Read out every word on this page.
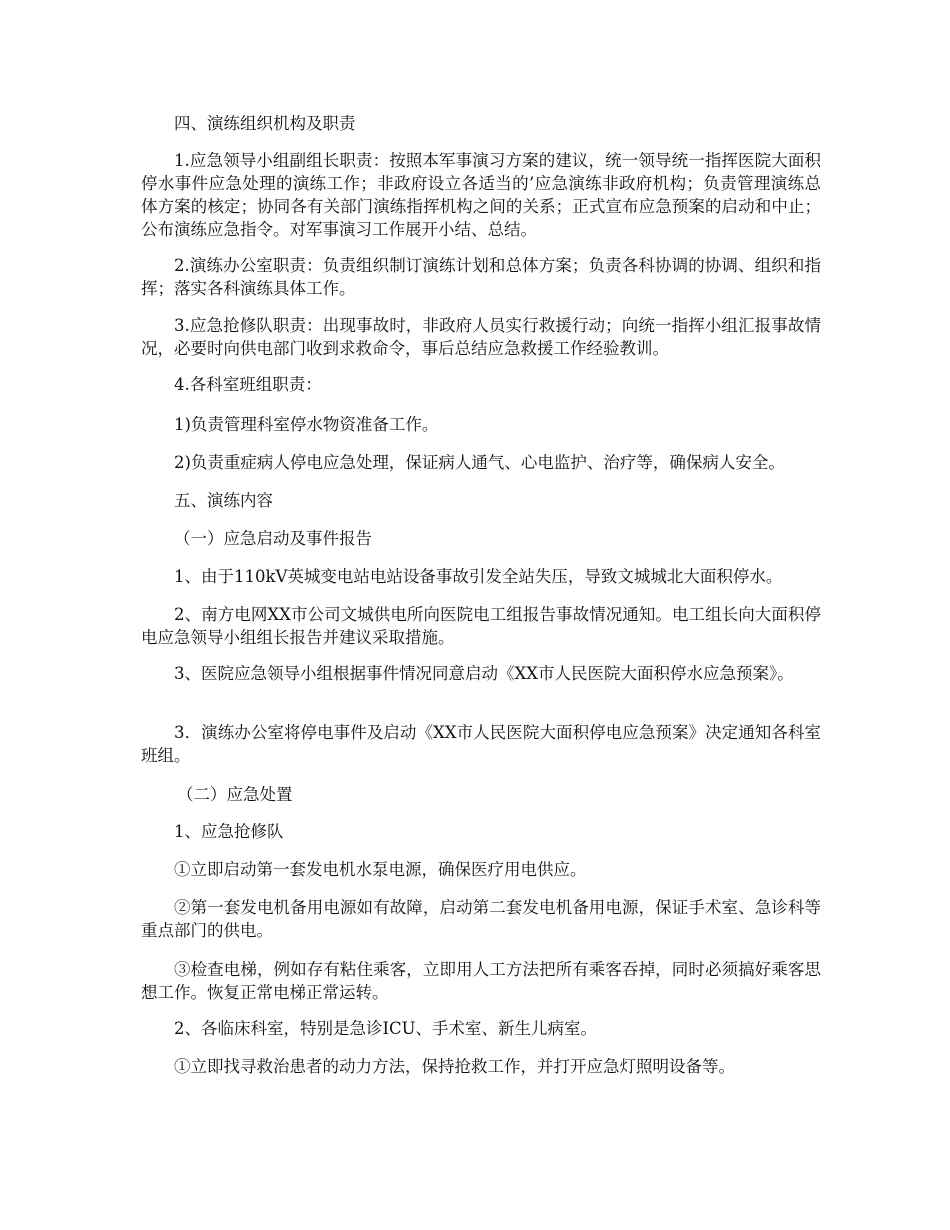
四、演练组织机构及职责

1.应急领导小组副组长职责：按照本军事演习方案的建议，统一领导统一指挥医院大面积停水事件应急处理的演练工作；非政府设立各适当的’应急演练非政府机构；负责管理演练总体方案的核定；协同各有关部门演练指挥机构之间的关系；正式宣布应急预案的启动和中止；公布演练应急指令。对军事演习工作展开小结、总结。

2.演练办公室职责：负责组织制订演练计划和总体方案；负责各科协调的协调、组织和指挥；落实各科演练具体工作。

3.应急抢修队职责：出现事故时，非政府人员实行救援行动；向统一指挥小组汇报事故情况，必要时向供电部门收到求救命令，事后总结应急救援工作经验教训。

4.各科室班组职责：

1)负责管理科室停水物资准备工作。

2)负责重症病人停电应急处理，保证病人通气、心电监护、治疗等，确保病人安全。

五、演练内容

（一）应急启动及事件报告

1、由于110kV英城变电站电站设备事故引发全站失压，导致文城城北大面积停水。

2、南方电网XX市公司文城供电所向医院电工组报告事故情况通知。电工组长向大面积停电应急领导小组组长报告并建议采取措施。

3、医院应急领导小组根据事件情况同意启动《XX市人民医院大面积停水应急预案》。

3．演练办公室将停电事件及启动《XX市人民医院大面积停电应急预案》决定通知各科室班组。

（二）应急处置

1、应急抢修队

①立即启动第一套发电机水泵电源，确保医疗用电供应。

②第一套发电机备用电源如有故障，启动第二套发电机备用电源，保证手术室、急诊科等重点部门的供电。

③检查电梯，例如存有粘住乘客，立即用人工方法把所有乘客吞掉，同时必须搞好乘客思想工作。恢复正常电梯正常运转。

2、各临床科室，特别是急诊ICU、手术室、新生儿病室。

①立即找寻救治患者的动力方法，保持抢救工作，并打开应急灯照明设备等。
